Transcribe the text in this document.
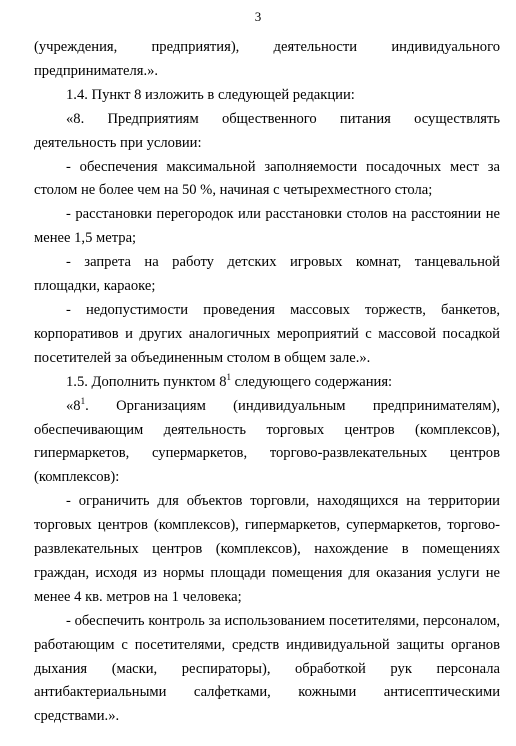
3

(учреждения, предприятия), деятельности индивидуального предпринимателя.».

1.4. Пункт 8 изложить в следующей редакции:

«8. Предприятиям общественного питания осуществлять деятельность при условии:

- обеспечения максимальной заполняемости посадочных мест за столом не более чем на 50 %, начиная с четырехместного стола;

- расстановки перегородок или расстановки столов на расстоянии не менее 1,5 метра;

- запрета на работу детских игровых комнат, танцевальной площадки, караоке;

- недопустимости проведения массовых торжеств, банкетов, корпоративов и других аналогичных мероприятий с массовой посадкой посетителей за объединенным столом в общем зале.».

1.5. Дополнить пунктом $8^1$ следующего содержания:

«$8^1$. Организациям (индивидуальным предпринимателям), обеспечивающим деятельность торговых центров (комплексов), гипермаркетов, супермаркетов, торгово-развлекательных центров (комплексов):

- ограничить для объектов торговли, находящихся на территории торговых центров (комплексов), гипермаркетов, супермаркетов, торгово-развлекательных центров (комплексов), нахождение в помещениях граждан, исходя из нормы площади помещения для оказания услуги не менее 4 кв. метров на 1 человека;

- обеспечить контроль за использованием посетителями, персоналом, работающим с посетителями, средств индивидуальной защиты органов дыхания (маски, респираторы), обработкой рук персонала антибактериальными салфетками, кожными антисептическими средствами.».
